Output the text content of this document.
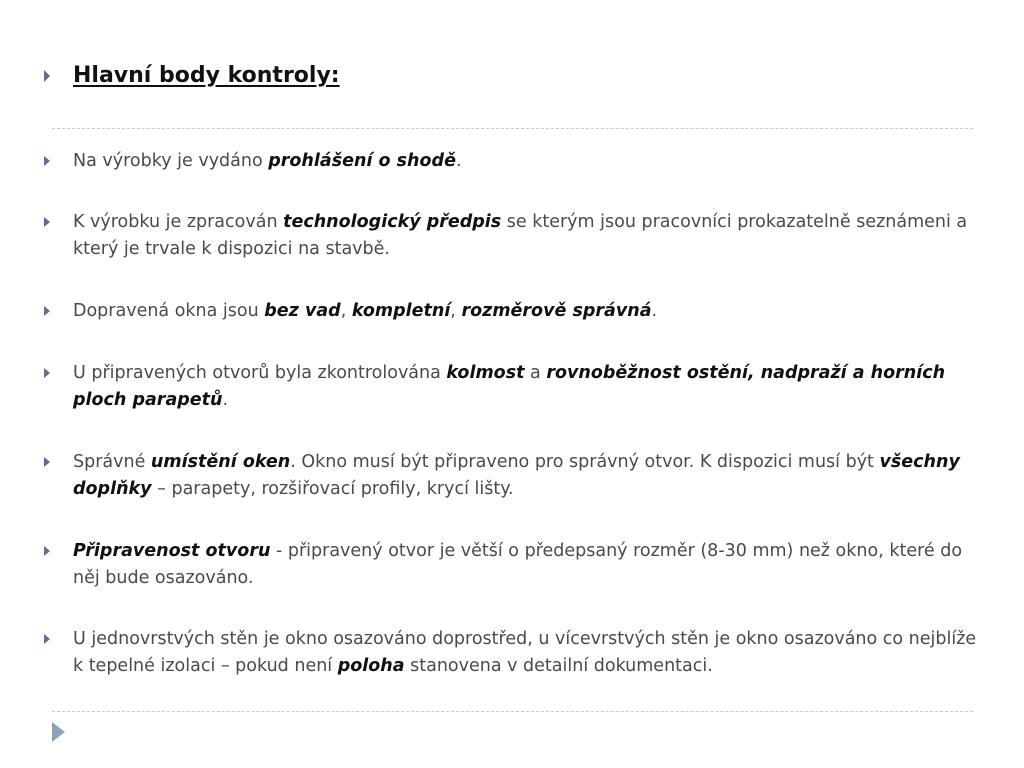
Hlavní body kontroly:
Na výrobky je vydáno prohlášení o shodě.
K výrobku je zpracován technologický předpis se kterým jsou pracovníci prokazatelně seznámeni a který je trvale k dispozici na stavbě.
Dopravená okna jsou bez vad, kompletní, rozměrově správná.
U připravených otvorů byla zkontrolována kolmost a rovnoběžnost ostění, nadpraží a horních ploch parapetů.
Správné umístění oken. Okno musí být připraveno pro správný otvor. K dispozici musí být všechny doplňky – parapety, rozšiřovací profily, krycí lišty.
Připravenost otvoru - připravený otvor je větší o předepsaný rozměr (8-30 mm) než okno, které do něj bude osazováno.
U jednovrstvých stěn je okno osazováno doprostřed, u vícevrstvých stěn je okno osazováno co nejblíže k tepelné izolaci – pokud není poloha stanovena v detailní dokumentaci.
